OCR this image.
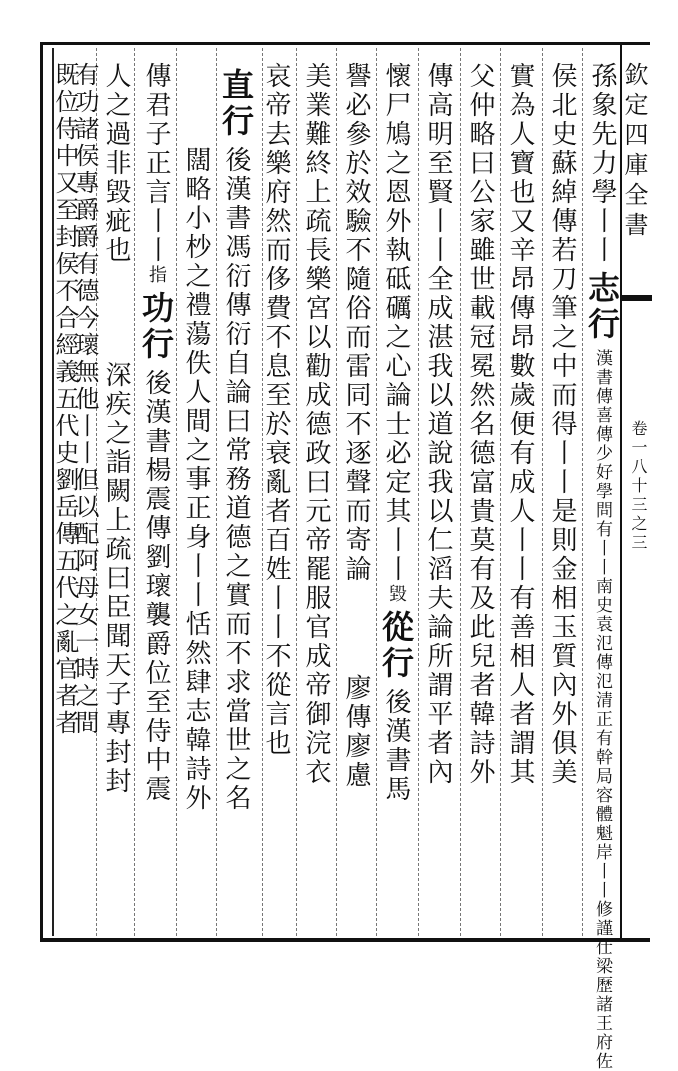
欽定四庫全書
卷一八十三之三
孫象先力學丨丨志行漢書傳喜傳少好學問有丨丨南史袁氾傳氾清正有幹局容體魁岸丨丨修謹仕梁歷諸王府佐
侯北史蘇綽傳若刀筆之中而得丨丨是則金相玉質內外俱美
實為人寶也又辛昂傳昂數歲便有成人丨丨有善相人者謂其
父仲略曰公家雖世載冠冕然名德富貴莫有及此兒者韓詩外
傳高明至賢丨丨全成湛我以道說我以仁滔夫論所謂平者內
懷尸鳩之恩外執砥礪之心論士必定其丨丨毀從行後漢書馬
譽必參於效驗不隨俗而雷同不逐聲而寄論廖傳廖慮
美業難終上疏長樂宮以勸成德政曰元帝罷服官成帝御浣衣
哀帝去樂府然而侈費不息至於衰亂者百姓丨丨不從言也
直行後漢書馮衍傳衍自論曰常務道德之實而不求當世之名
闊略小杪之禮蕩佚人間之事正身丨丨恬然肆志韓詩外
傳君子正言丨丨指功行後漢書楊震傳劉瓌襲爵位至侍中震
人之過非毀疵也深疾之詣闕上疏曰臣聞天子專封封
有功諸侯專爵爵有德今瓌無他丨丨但以配阿母女一時之間
既位侍中又至封侯不合經義五代史劉岳傳五代之亂官者者
